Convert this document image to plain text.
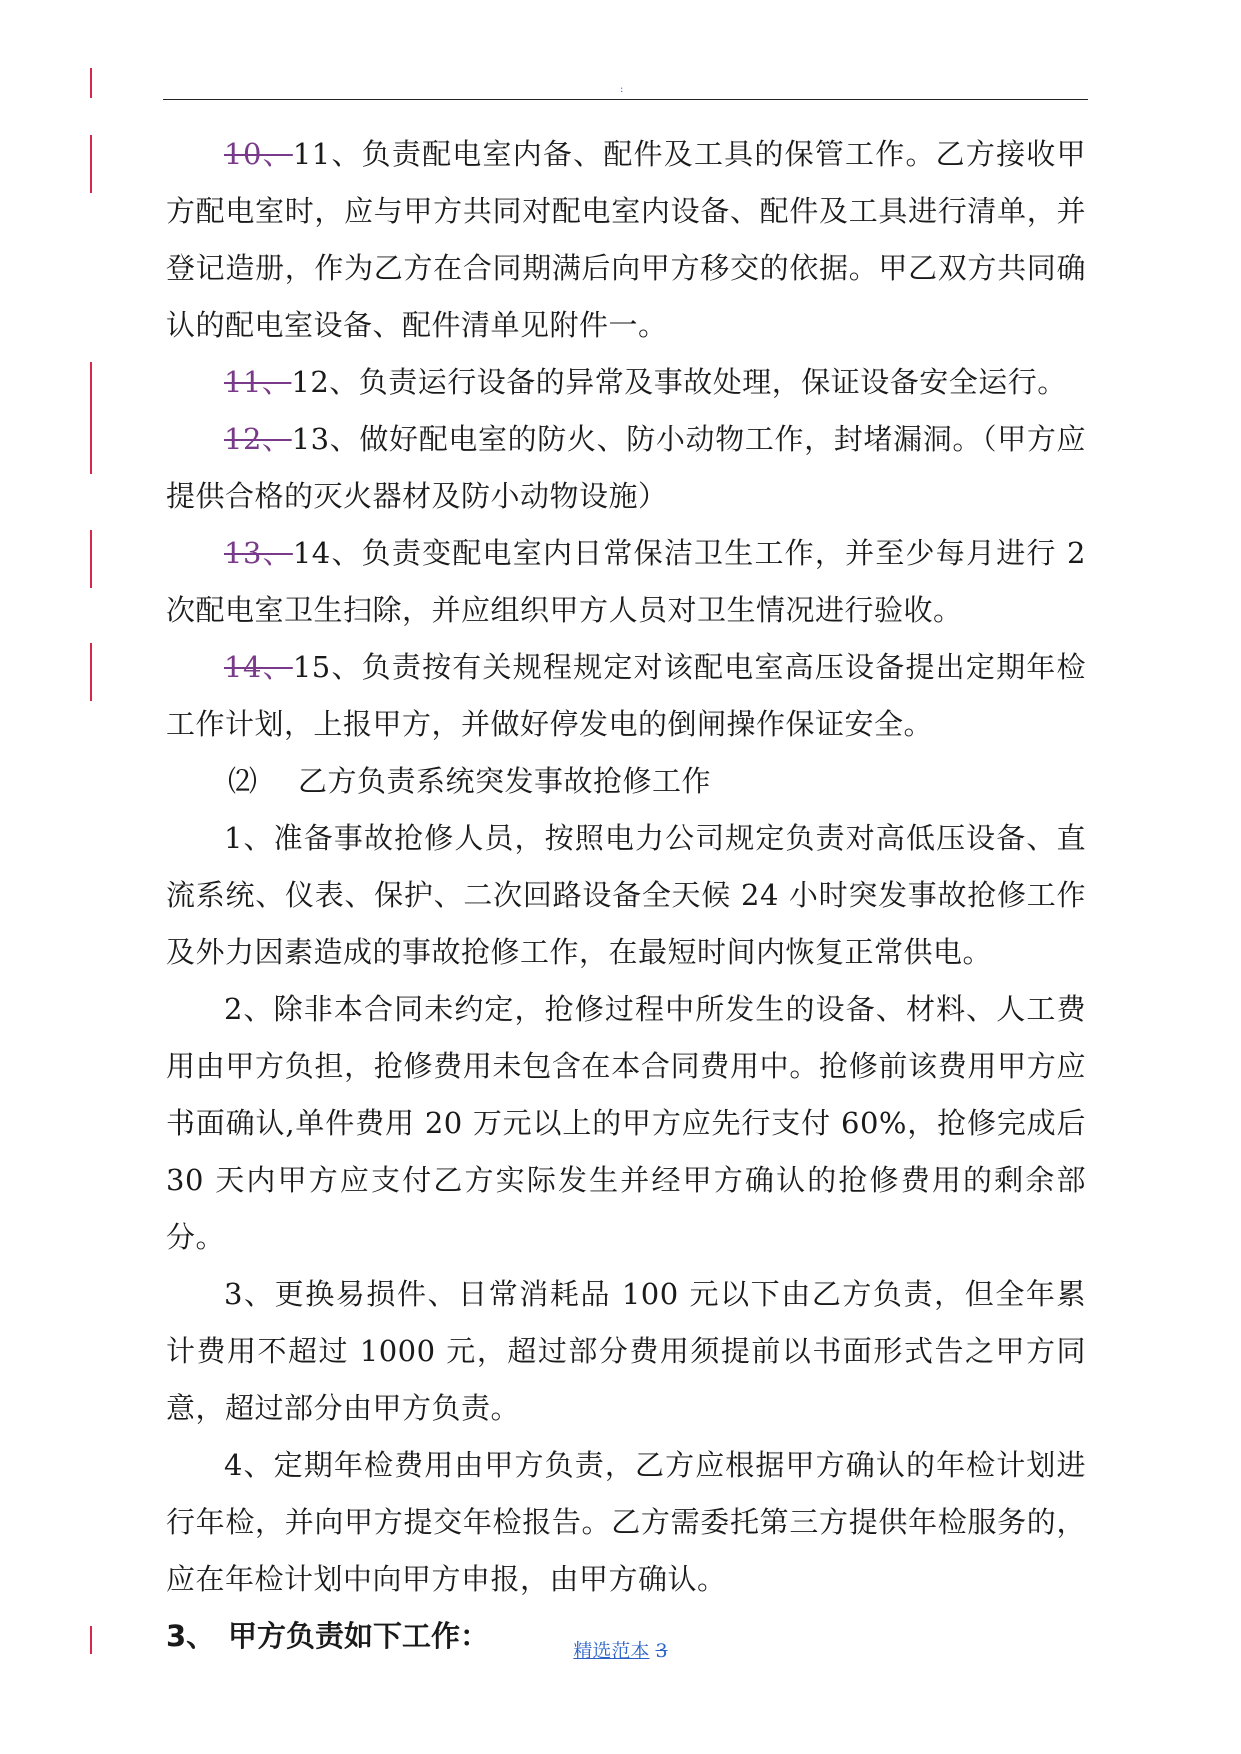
:

10、11、负责配电室内备、配件及工具的保管工作。乙方接收甲方配电室时，应与甲方共同对配电室内设备、配件及工具进行清单，并登记造册，作为乙方在合同期满后向甲方移交的依据。甲乙双方共同确认的配电室设备、配件清单见附件一。

11、12、负责运行设备的异常及事故处理，保证设备安全运行。

12、13、做好配电室的防火、防小动物工作，封堵漏洞。（甲方应提供合格的灭火器材及防小动物设施）

13、14、负责变配电室内日常保洁卫生工作，并至少每月进行 2 次配电室卫生扫除，并应组织甲方人员对卫生情况进行验收。

14、15、负责按有关规程规定对该配电室高压设备提出定期年检工作计划，上报甲方，并做好停发电的倒闸操作保证安全。

⑵ 乙方负责系统突发事故抢修工作

1、准备事故抢修人员，按照电力公司规定负责对高低压设备、直流系统、仪表、保护、二次回路设备全天候 24 小时突发事故抢修工作及外力因素造成的事故抢修工作，在最短时间内恢复正常供电。

2、除非本合同未约定，抢修过程中所发生的设备、材料、人工费用由甲方负担，抢修费用未包含在本合同费用中。抢修前该费用甲方应书面确认,单件费用 20 万元以上的甲方应先行支付 60%，抢修完成后 30 天内甲方应支付乙方实际发生并经甲方确认的抢修费用的剩余部分。

3、更换易损件、日常消耗品 100 元以下由乙方负责，但全年累计费用不超过 1000 元，超过部分费用须提前以书面形式告之甲方同意，超过部分由甲方负责。

4、定期年检费用由甲方负责，乙方应根据甲方确认的年检计划进行年检，并向甲方提交年检报告。乙方需委托第三方提供年检服务的，应在年检计划中向甲方申报，由甲方确认。

3、 甲方负责如下工作：	精选范本 3
